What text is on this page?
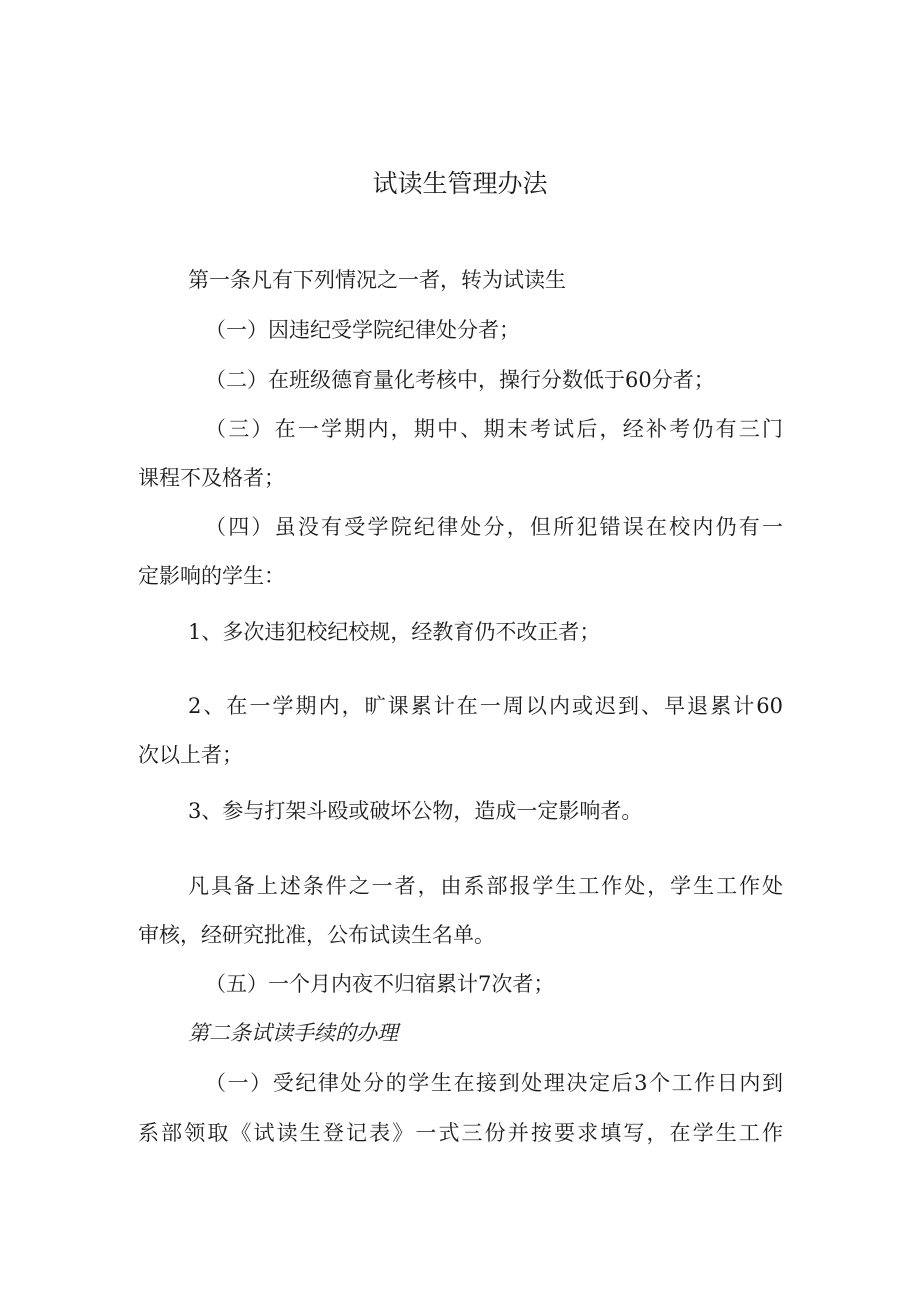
试读生管理办法

第一条凡有下列情况之一者，转为试读生

（一）因违纪受学院纪律处分者；

（二）在班级德育量化考核中，操行分数低于60分者；

（三）在一学期内，期中、期末考试后，经补考仍有三门

课程不及格者；

（四）虽没有受学院纪律处分，但所犯错误在校内仍有一

定影响的学生：

1、多次违犯校纪校规，经教育仍不改正者；

2、在一学期内，旷课累计在一周以内或迟到、早退累计60

次以上者；

3、参与打架斗殴或破坏公物，造成一定影响者。

凡具备上述条件之一者，由系部报学生工作处，学生工作处

审核，经研究批准，公布试读生名单。

（五）一个月内夜不归宿累计7次者；

第二条试读手续的办理

（一）受纪律处分的学生在接到处理决定后3个工作日内到

系部领取《试读生登记表》一式三份并按要求填写，在学生工作
